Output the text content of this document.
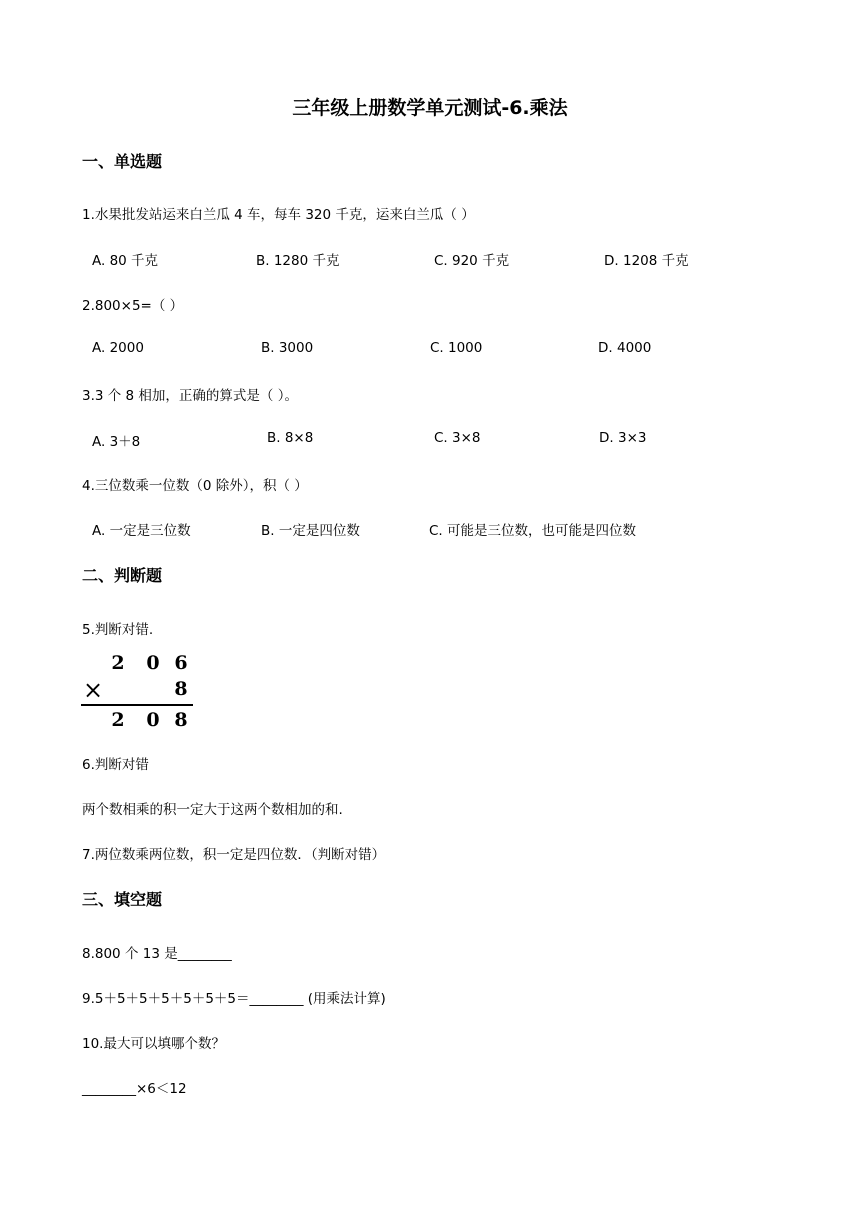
三年级上册数学单元测试-6.乘法
一、单选题
1.水果批发站运来白兰瓜 4 车，每车 320 千克，运来白兰瓜（ ）
A. 80 千克	B. 1280 千克	C. 920 千克	D. 1208 千克
2.800×5=（ ）
A. 2000	B. 3000	C. 1000	D. 4000
3.3 个 8 相加，正确的算式是（ ）。
A. 3＋8	B. 8×8	C. 3×8	D. 3×3
4.三位数乘一位数（0 除外），积（ ）
A. 一定是三位数	B. 一定是四位数	C. 可能是三位数，也可能是四位数
二、判断题
5.判断对错.
2 0 6
×	8
2 0 8
6.判断对错
两个数相乘的积一定大于这两个数相加的和.
7.两位数乘两位数，积一定是四位数．（判断对错）
三、填空题
8.800 个 13 是________
9.5＋5＋5＋5＋5＋5＋5＝________ (用乘法计算)
10.最大可以填哪个数？
________×6＜12
